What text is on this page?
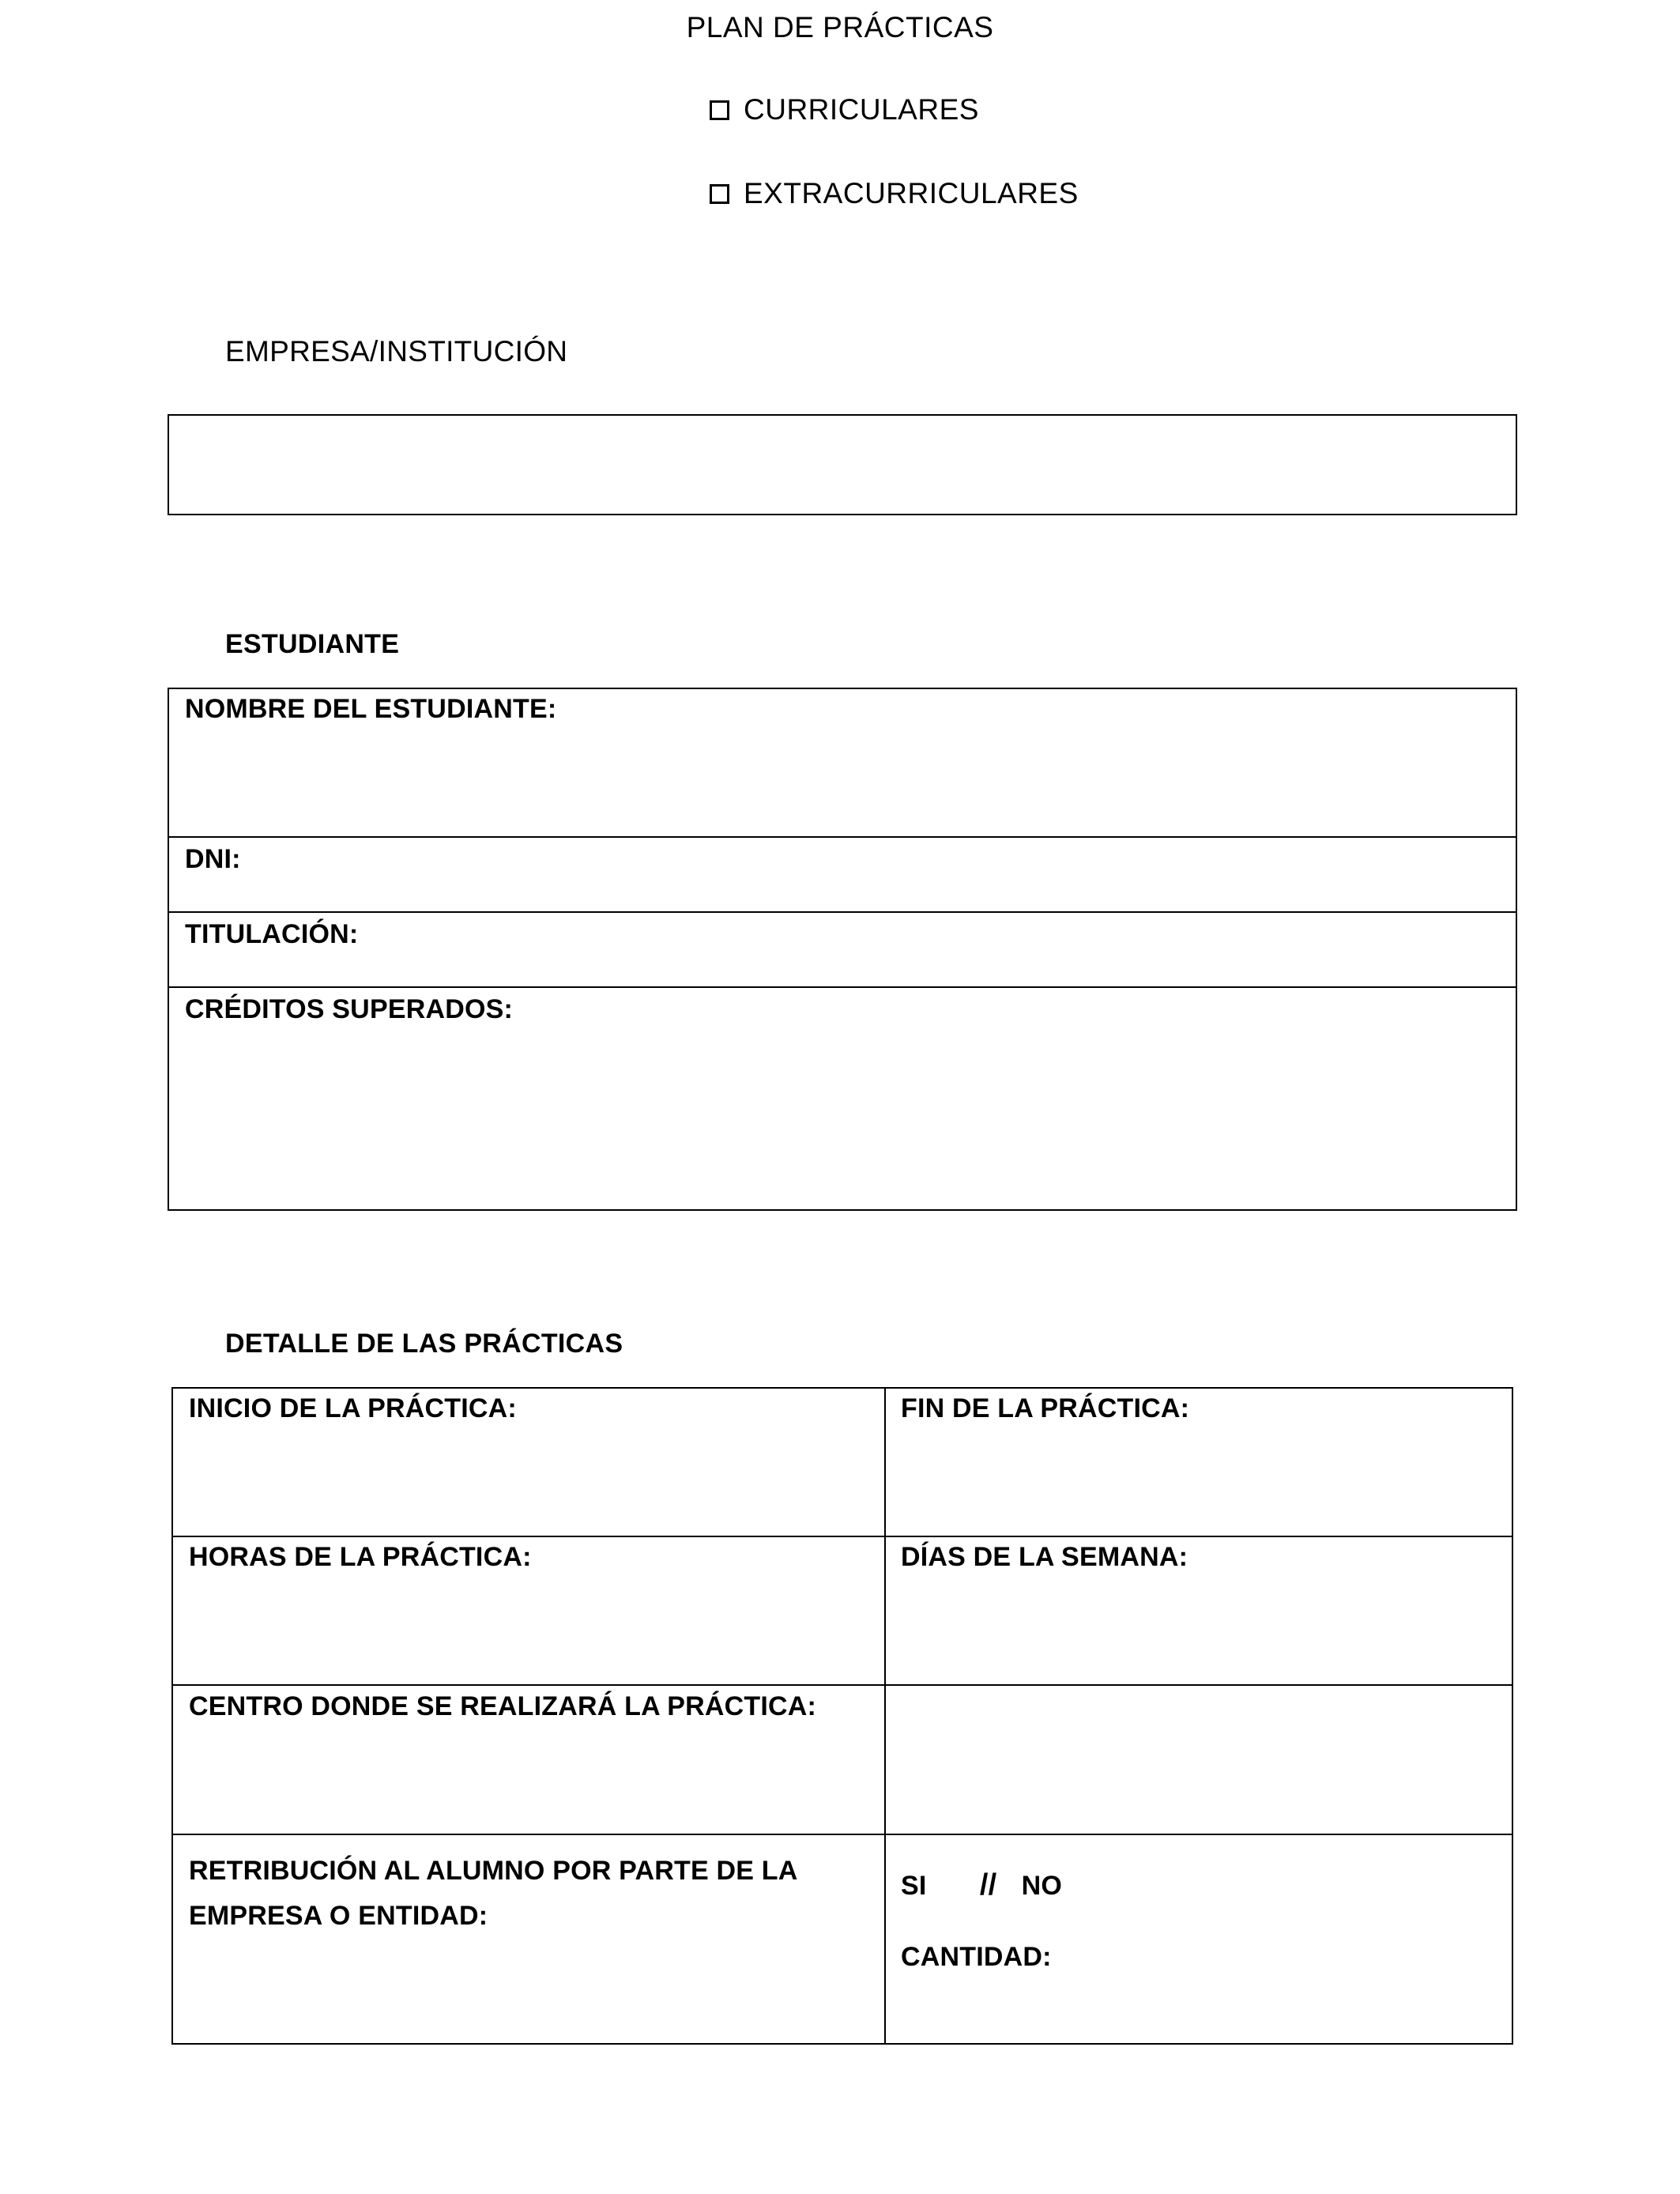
PLAN DE PRÁCTICAS
CURRICULARES
EXTRACURRICULARES
EMPRESA/INSTITUCIÓN
ESTUDIANTE
NOMBRE DEL ESTUDIANTE:
DNI:
TITULACIÓN:
CRÉDITOS SUPERADOS:
DETALLE DE LAS PRÁCTICAS
INICIO DE LA PRÁCTICA:	FIN DE LA PRÁCTICA:
HORAS DE LA PRÁCTICA:	DÍAS DE LA SEMANA:
CENTRO DONDE SE REALIZARÁ LA PRÁCTICA:
RETRIBUCIÓN AL ALUMNO POR PARTE DE LA
EMPRESA O ENTIDAD:
SI // NO
CANTIDAD:
